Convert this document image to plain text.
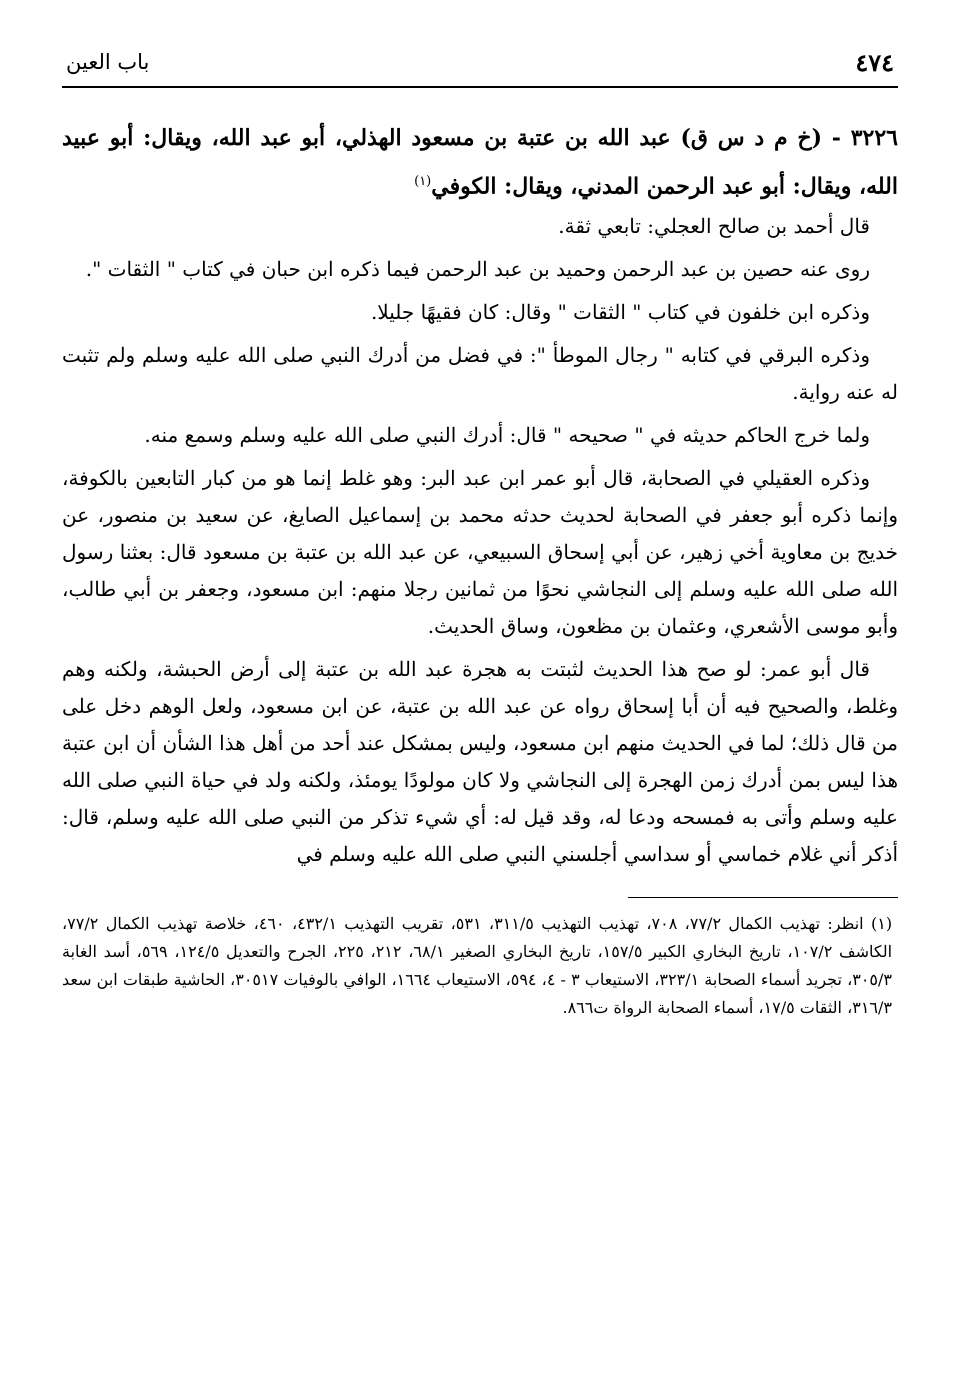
٤٧٤
باب العين
٣٢٢٦ - (خ م د س ق) عبد الله بن عتبة بن مسعود الهذلي، أبو عبد الله، ويقال: أبو عبيد الله، ويقال: أبو عبد الرحمن المدني، ويقال: الكوفي$^{(١)}$

قال أحمد بن صالح العجلي: تابعي ثقة.

روى عنه حصين بن عبد الرحمن وحميد بن عبد الرحمن فيما ذكره ابن حبان في كتاب " الثقات ".

وذكره ابن خلفون في كتاب " الثقات " وقال: كان فقيهًا جليلا.

وذكره البرقي في كتابه " رجال الموطأ ": في فضل من أدرك النبي صلى الله عليه وسلم ولم تثبت له عنه رواية.

ولما خرج الحاكم حديثه في " صحيحه " قال: أدرك النبي صلى الله عليه وسلم وسمع منه.

وذكره العقيلي في الصحابة، قال أبو عمر ابن عبد البر: وهو غلط إنما هو من كبار التابعين بالكوفة، وإنما ذكره أبو جعفر في الصحابة لحديث حدثه محمد بن إسماعيل الصايغ، عن سعيد بن منصور، عن خديج بن معاوية أخي زهير، عن أبي إسحاق السبيعي، عن عبد الله بن عتبة بن مسعود قال: بعثنا رسول الله صلى الله عليه وسلم إلى النجاشي نحوًا من ثمانين رجلا منهم: ابن مسعود، وجعفر بن أبي طالب، وأبو موسى الأشعري، وعثمان بن مظعون، وساق الحديث.

قال أبو عمر: لو صح هذا الحديث لثبتت به هجرة عبد الله بن عتبة إلى أرض الحبشة، ولكنه وهم وغلط، والصحيح فيه أن أبا إسحاق رواه عن عبد الله بن عتبة، عن ابن مسعود، ولعل الوهم دخل على من قال ذلك؛ لما في الحديث منهم ابن مسعود، وليس بمشكل عند أحد من أهل هذا الشأن أن ابن عتبة هذا ليس بمن أدرك زمن الهجرة إلى النجاشي ولا كان مولودًا يومئذ، ولكنه ولد في حياة النبي صلى الله عليه وسلم وأتى به فمسحه ودعا له، وقد قيل له: أي شيء تذكر من النبي صلى الله عليه وسلم، قال: أذكر أني غلام خماسي أو سداسي أجلسني النبي صلى الله عليه وسلم في

(١) انظر: تهذيب الكمال ٧٧/٢، ٧٠٨، تهذيب التهذيب ٣١١/٥، ٥٣١، تقريب التهذيب ٤٣٢/١، ٤٦٠، خلاصة تهذيب الكمال ٧٧/٢، الكاشف ١٠٧/٢، تاريخ البخاري الكبير ١٥٧/٥، تاريخ البخاري الصغير ٦٨/١، ٢١٢، ٢٢٥، الجرح والتعديل ١٢٤/٥، ٥٦٩، أسد الغابة ٣٠٥/٣، تجريد أسماء الصحابة ٣٢٣/١، الاستيعاب ٣ - ٤، ٥٩٤، الاستيعاب ١٦٦٤، الوافي بالوفيات ٣٠٥١٧، الحاشية طبقات ابن سعد ٣١٦/٣، الثقات ١٧/٥، أسماء الصحابة الرواة ت٨٦٦.
